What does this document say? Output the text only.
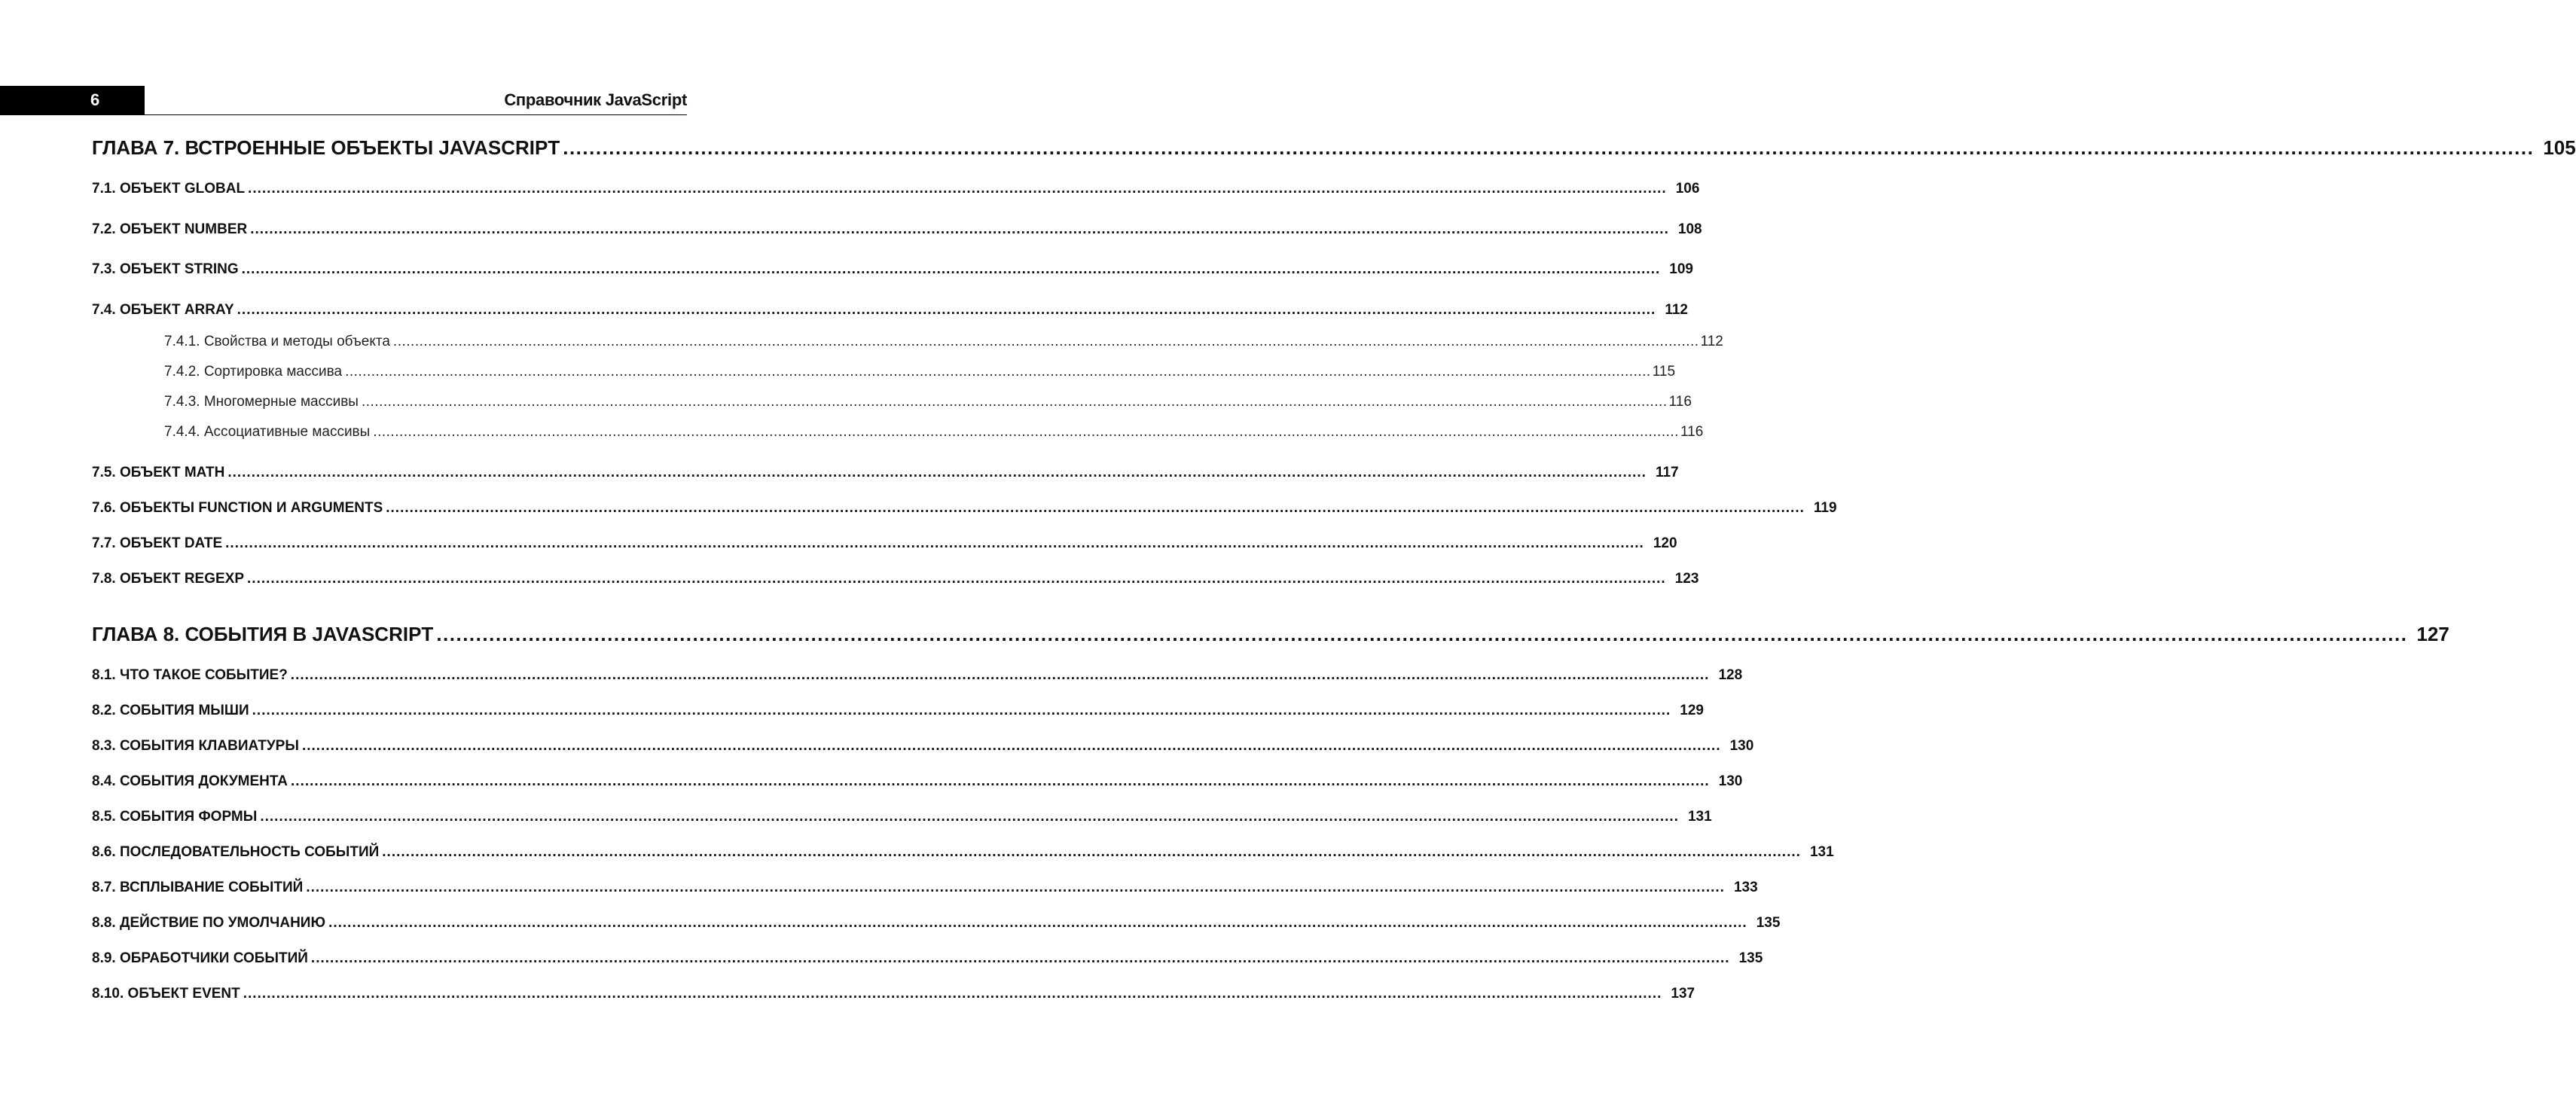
6	Справочник JavaScript
ГЛАВА 7. ВСТРОЕННЫЕ ОБЪЕКТЫ JAVASCRIPT ............................................................................................................................................................................................................................................................................................................ 105
7.1. ОБЪЕКТ GLOBAL ............................................................................................................................................................................................................................................................................................................ 106
7.2. ОБЪЕКТ NUMBER ............................................................................................................................................................................................................................................................................................................ 108
7.3. ОБЪЕКТ STRING ............................................................................................................................................................................................................................................................................................................ 109
7.4. ОБЪЕКТ ARRAY ............................................................................................................................................................................................................................................................................................................ 112
7.4.1. Свойства и методы объекта ............................................................................................................................................................................................................................................................................................................ 112
7.4.2. Сортировка массива ............................................................................................................................................................................................................................................................................................................ 115
7.4.3. Многомерные массивы ............................................................................................................................................................................................................................................................................................................ 116
7.4.4. Ассоциативные массивы ............................................................................................................................................................................................................................................................................................................ 116
7.5. ОБЪЕКТ MATH ............................................................................................................................................................................................................................................................................................................ 117
7.6. ОБЪЕКТЫ FUNCTION И ARGUMENTS ............................................................................................................................................................................................................................................................................................................ 119
7.7. ОБЪЕКТ DATE ............................................................................................................................................................................................................................................................................................................ 120
7.8. ОБЪЕКТ REGEXP ............................................................................................................................................................................................................................................................................................................ 123
ГЛАВА 8. СОБЫТИЯ В JAVASCRIPT ............................................................................................................................................................................................................................................................................................................ 127
8.1. ЧТО ТАКОЕ СОБЫТИЕ? ............................................................................................................................................................................................................................................................................................................ 128
8.2. СОБЫТИЯ МЫШИ ............................................................................................................................................................................................................................................................................................................ 129
8.3. СОБЫТИЯ КЛАВИАТУРЫ ............................................................................................................................................................................................................................................................................................................ 130
8.4. СОБЫТИЯ ДОКУМЕНТА ............................................................................................................................................................................................................................................................................................................ 130
8.5. СОБЫТИЯ ФОРМЫ ............................................................................................................................................................................................................................................................................................................ 131
8.6. ПОСЛЕДОВАТЕЛЬНОСТЬ СОБЫТИЙ ............................................................................................................................................................................................................................................................................................................ 131
8.7. ВСПЛЫВАНИЕ СОБЫТИЙ ............................................................................................................................................................................................................................................................................................................ 133
8.8. ДЕЙСТВИЕ ПО УМОЛЧАНИЮ ............................................................................................................................................................................................................................................................................................................ 135
8.9. ОБРАБОТЧИКИ СОБЫТИЙ ............................................................................................................................................................................................................................................................................................................ 135
8.10. ОБЪЕКТ EVENT ............................................................................................................................................................................................................................................................................................................ 137
